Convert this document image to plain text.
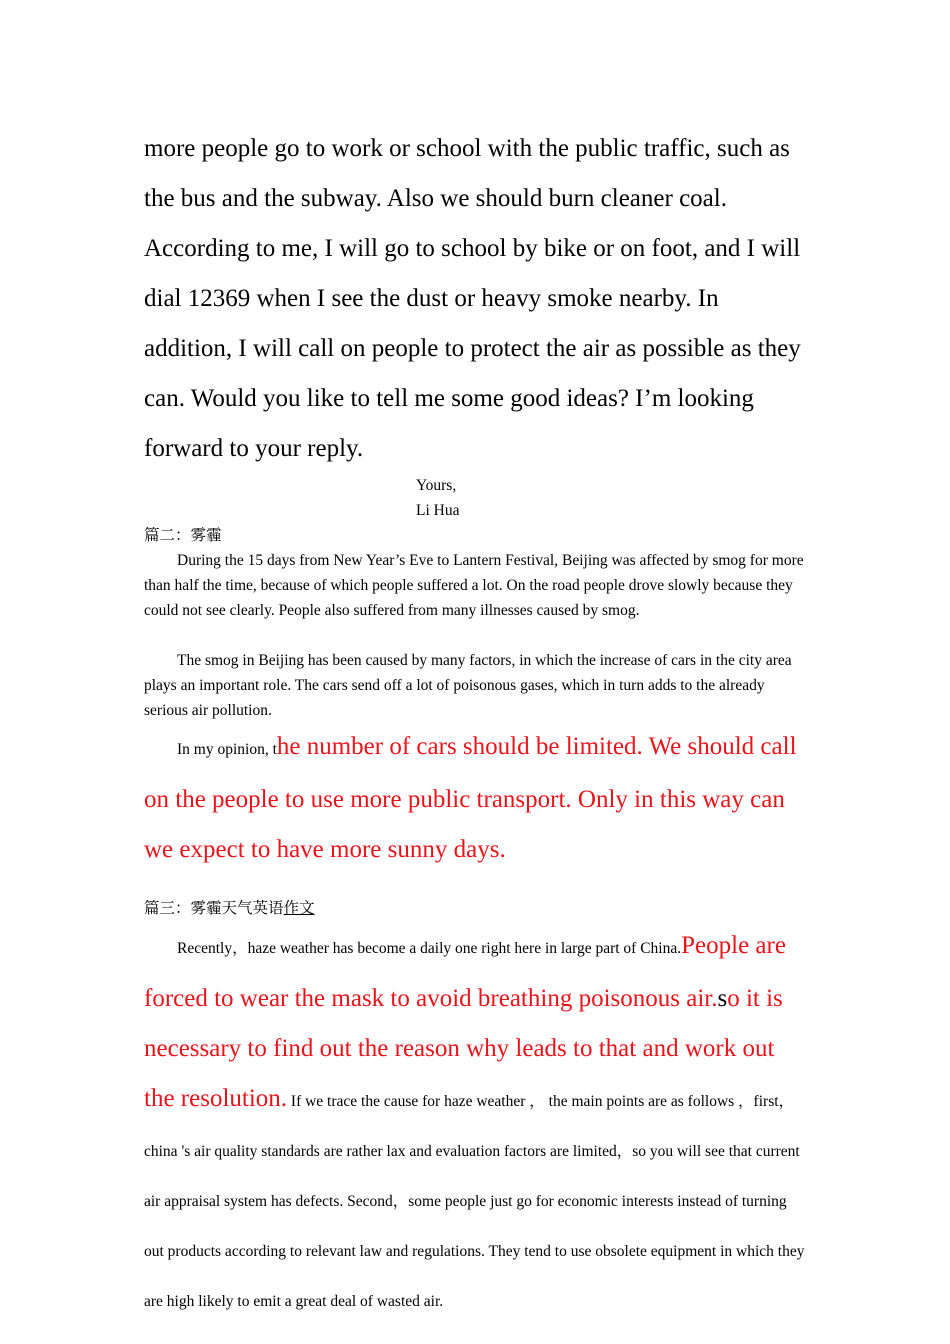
more people go to work or school with the public traffic, such as the bus and the subway. Also we should burn cleaner coal. According to me, I will go to school by bike or on foot, and I will dial 12369 when I see the dust or heavy smoke nearby. In addition, I will call on people to protect the air as possible as they can. Would you like to tell me some good ideas? I’m looking forward to your reply.

Yours,
Li Hua
篇二：雾霾

During the 15 days from New Year’s Eve to Lantern Festival, Beijing was affected by smog for more than half the time, because of which people suffered a lot. On the road people drove slowly because they could not see clearly. People also suffered from many illnesses caused by smog.

The smog in Beijing has been caused by many factors, in which the increase of cars in the city area plays an important role. The cars send off a lot of poisonous gases, which in turn adds to the already serious air pollution.

In my opinion, the number of cars should be limited. We should call on the people to use more public transport. Only in this way can we expect to have more sunny days.

篇三：雾霾天气英语作文

Recently，haze weather has become a daily one right here in large part of China.People are forced to wear the mask to avoid breathing poisonous air.so it is necessary to find out the reason why leads to that and work out the resolution. If we trace the cause for haze weather ， the main points are as follows ，first，china 's air quality standards are rather lax and evaluation factors are limited，so you will see that current air appraisal system has defects. Second，some people just go for economic interests instead of turning out products according to relevant law and regulations. They tend to use obsolete equipment in which they are high likely to emit a great deal of wasted air.
